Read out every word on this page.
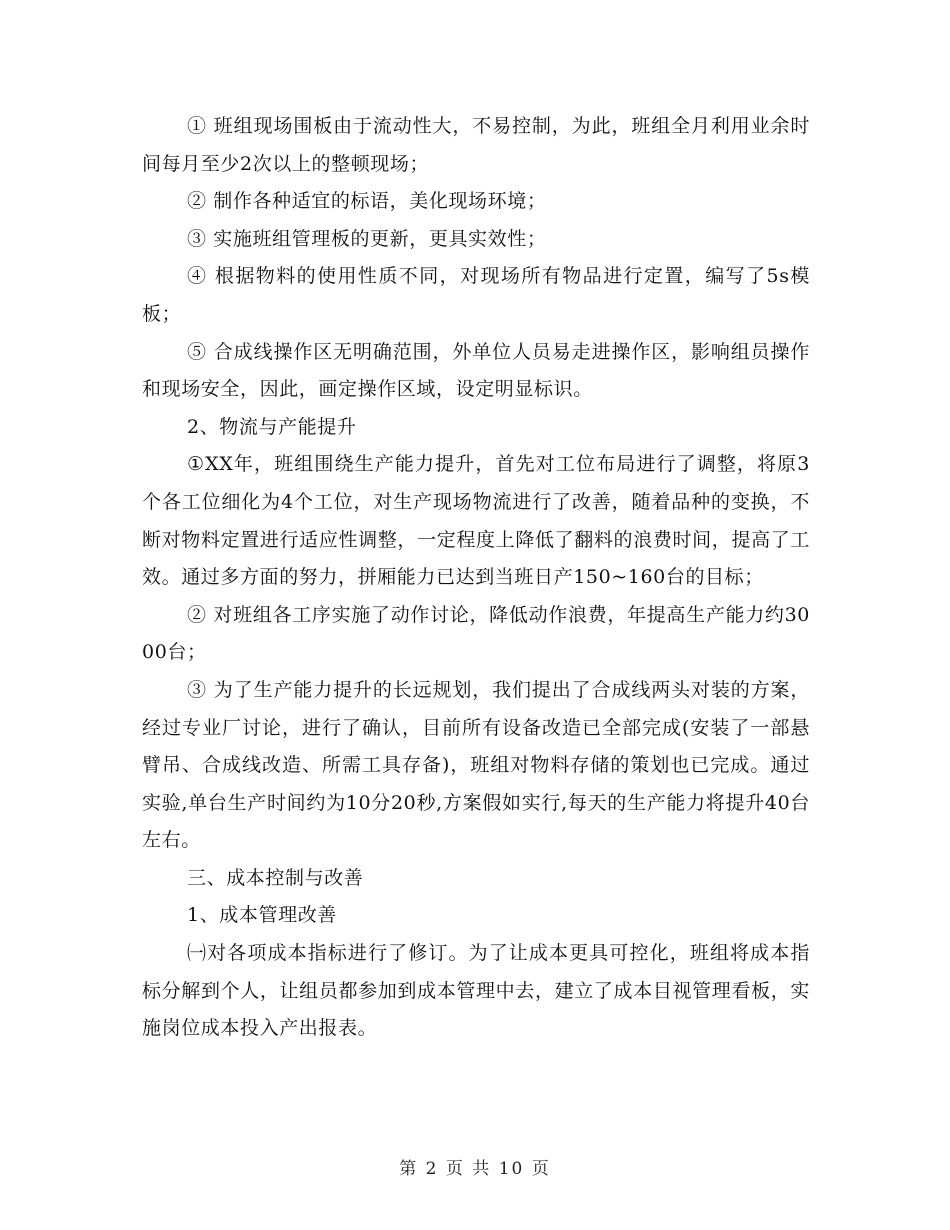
① 班组现场围板由于流动性大，不易控制，为此，班组全月利用业余时间每月至少2次以上的整顿现场；

② 制作各种适宜的标语，美化现场环境；

③ 实施班组管理板的更新，更具实效性；

④ 根据物料的使用性质不同，对现场所有物品进行定置，编写了5s模板；

⑤ 合成线操作区无明确范围，外单位人员易走进操作区，影响组员操作和现场安全，因此，画定操作区域，设定明显标识。

2、物流与产能提升

①XX年，班组围绕生产能力提升，首先对工位布局进行了调整，将原3个各工位细化为4个工位，对生产现场物流进行了改善，随着品种的变换，不断对物料定置进行适应性调整，一定程度上降低了翻料的浪费时间，提高了工效。通过多方面的努力，拼厢能力已达到当班日产150~160台的目标；

② 对班组各工序实施了动作讨论，降低动作浪费，年提高生产能力约3000台；

③ 为了生产能力提升的长远规划，我们提出了合成线两头对装的方案，经过专业厂讨论，进行了确认，目前所有设备改造已全部完成(安装了一部悬臂吊、合成线改造、所需工具存备)，班组对物料存储的策划也已完成。通过实验,单台生产时间约为10分20秒,方案假如实行,每天的生产能力将提升40台左右。

三、成本控制与改善

1、成本管理改善

㈠对各项成本指标进行了修订。为了让成本更具可控化，班组将成本指标分解到个人，让组员都参加到成本管理中去，建立了成本目视管理看板，实施岗位成本投入产出报表。

第 2 页 共 10 页
